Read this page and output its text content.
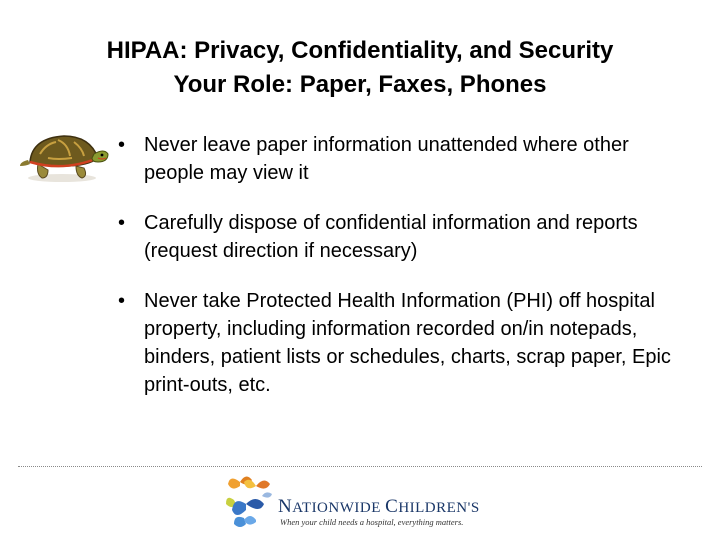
HIPAA: Privacy, Confidentiality, and Security
Your Role: Paper, Faxes, Phones
• Never leave paper information unattended where other people may view it
• Carefully dispose of confidential information and reports (request direction if necessary)
• Never take Protected Health Information (PHI) off hospital property, including information recorded on/in notepads, binders, patient lists or schedules, charts, scrap paper, Epic print-outs, etc.
NATIONWIDE CHILDREN'S
When your child needs a hospital, everything matters.
